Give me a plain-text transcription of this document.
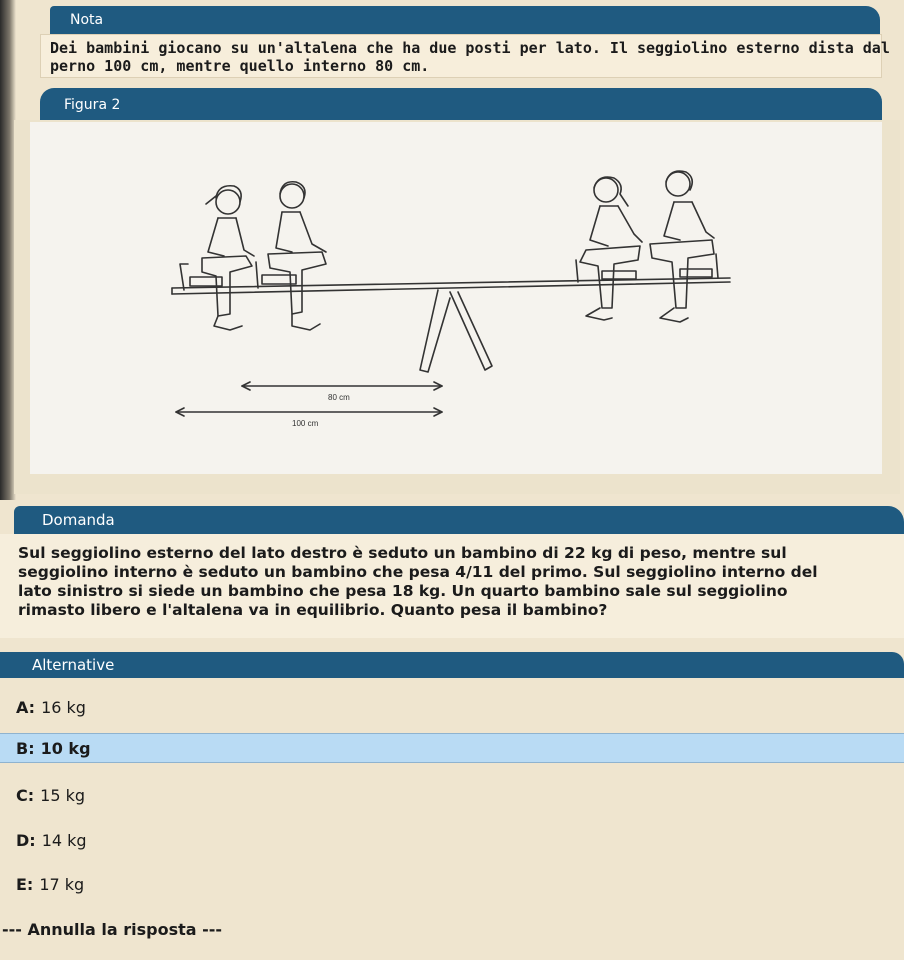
Nota
Dei bambini giocano su un'altalena che ha due posti per lato. Il seggiolino esterno dista dal
perno 100 cm, mentre quello interno 80 cm.
Figura 2
80 cm
100 cm
Domanda
Sul seggiolino esterno del lato destro è seduto un bambino di 22 kg di peso, mentre sul
seggiolino interno è seduto un bambino che pesa 4/11 del primo. Sul seggiolino interno del
lato sinistro si siede un bambino che pesa 18 kg. Un quarto bambino sale sul seggiolino
rimasto libero e l'altalena va in equilibrio. Quanto pesa il bambino?
Alternative
A: 16 kg
B: 10 kg
C: 15 kg
D: 14 kg
E: 17 kg
--- Annulla la risposta ---
